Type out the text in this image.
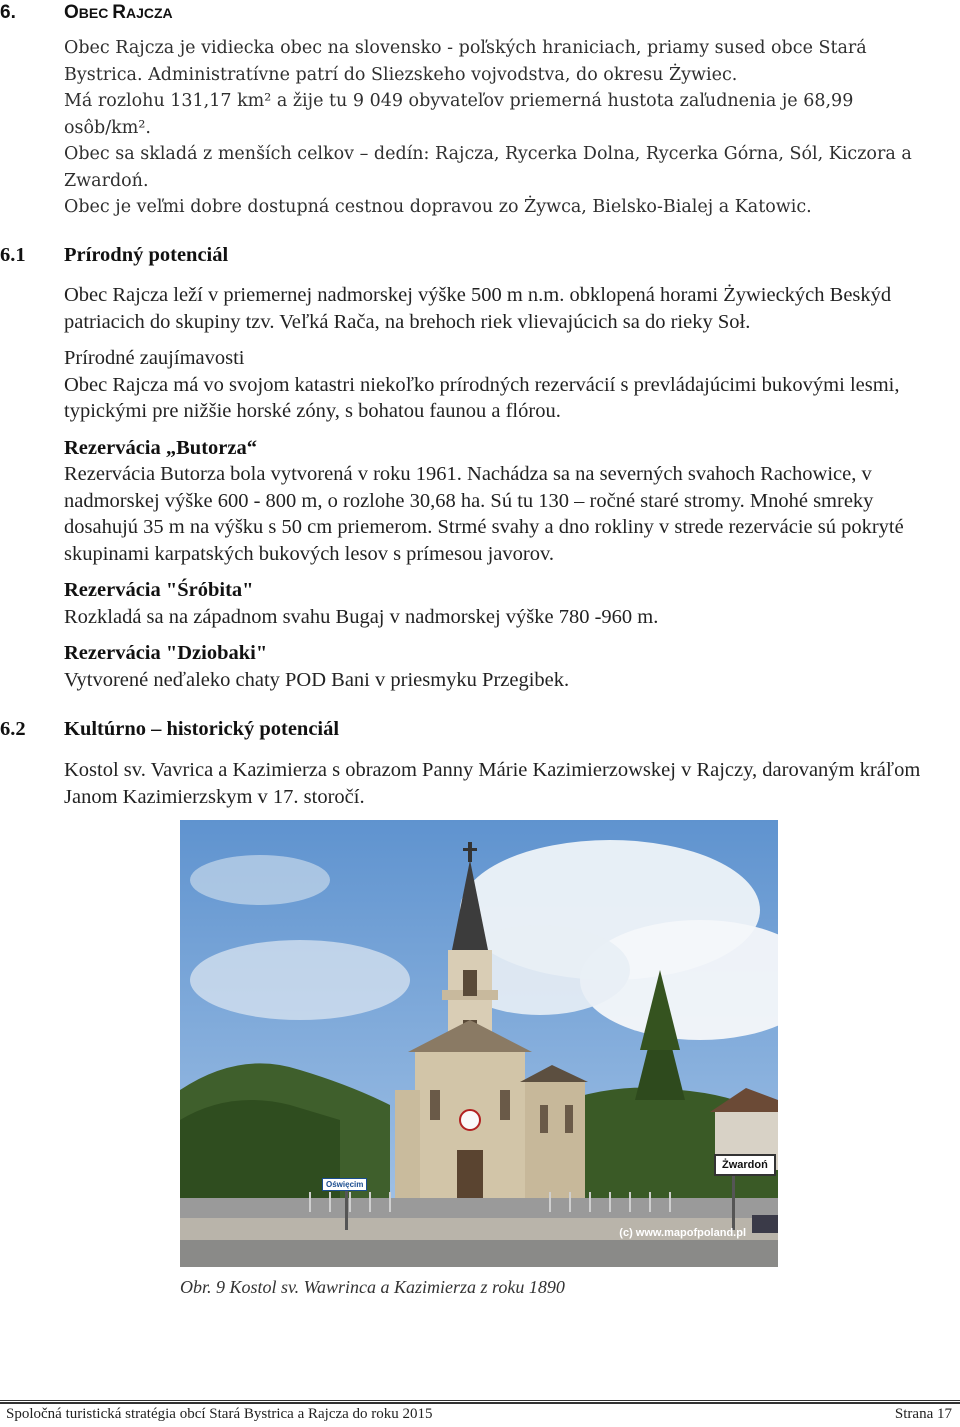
6.	OBEC RAJCZA

Obec Rajcza je vidiecka obec na slovensko - poľských hraniciach, priamy sused obce Stará Bystrica. Administratívne patrí do Sliezskeho vojvodstva, do okresu Żywiec.

Má rozlohu 131,17 km² a žije tu 9 049 obyvateľov priemerná hustota zaľudnenia je 68,99 osôb/km².

Obec sa skladá z menších celkov – dedín: Rajcza, Rycerka Dolna, Rycerka Górna, Sól, Kiczora a Zwardoń.

Obec je veľmi dobre dostupná cestnou dopravou zo Żywca, Bielsko-Bialej a Katowic.

6.1 Prírodný potenciál

Obec Rajcza leží v priemernej nadmorskej výške 500 m n.m. obklopená horami Żywieckých Beskýd patriacich do skupiny tzv. Veľká Rača, na brehoch riek vlievajúcich sa do rieky Soł.

Prírodné zaujímavosti

Obec Rajcza má vo svojom katastri niekoľko prírodných rezervácií s prevládajúcimi bukovými lesmi, typickými pre nižšie horské zóny, s bohatou faunou a flórou.

Rezervácia „Butorza“

Rezervácia Butorza bola vytvorená v roku 1961. Nachádza sa na severných svahoch Rachowice, v nadmorskej výške 600 - 800 m, o rozlohe 30,68 ha. Sú tu 130 – ročné staré stromy. Mnohé smreky dosahujú 35 m na výšku s 50 cm priemerom. Strmé svahy a dno rokliny v strede rezervácie sú pokryté skupinami karpatských bukových lesov s prímesou javorov.

Rezervácia "Śróbita"

Rozkladá sa na západnom svahu Bugaj v nadmorskej výške 780 -960 m.

Rezervácia "Dziobaki"

Vytvorené neďaleko chaty POD Bani v priesmyku Przegibek.

6.2 Kultúrno – historický potenciál

Kostol sv. Vavrica a Kazimierza s obrazom Panny Márie Kazimierzowskej v Rajczy, darovaným kráľom Janom Kazimierzskym v 17. storočí.

Oświęcim
Żwardoń
(c) www.mapofpoland.pl
Obr. 9 Kostol sv. Wawrinca a Kazimierza z roku 1890
Spoločná turistická stratégia obcí Stará Bystrica a Rajcza do roku 2015	Strana 17
